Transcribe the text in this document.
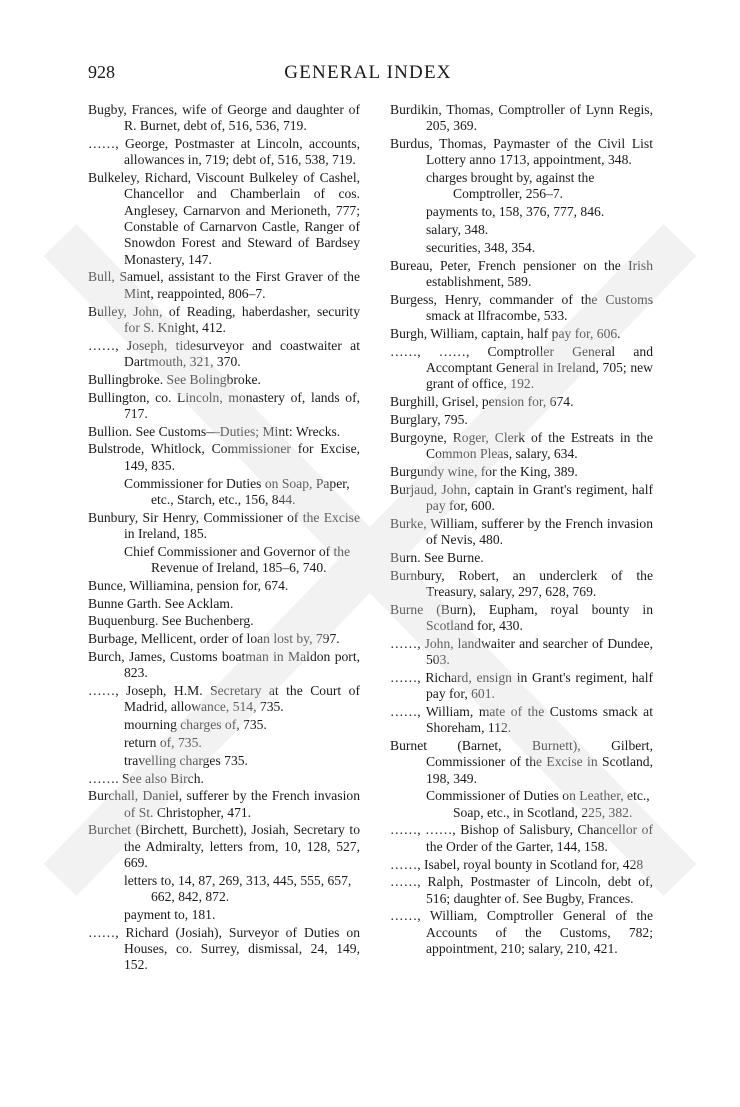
928	GENERAL INDEX

Bugby, Frances, wife of George and daughter of R. Burnet, debt of, 516, 536, 719.

……, George, Postmaster at Lincoln, accounts, allowances in, 719; debt of, 516, 538, 719.

Bulkeley, Richard, Viscount Bulkeley of Cashel, Chancellor and Chamberlain of cos. Anglesey, Carnarvon and Merioneth, 777; Constable of Carnarvon Castle, Ranger of Snowdon Forest and Steward of Bardsey Monastery, 147.

Bull, Samuel, assistant to the First Graver of the Mint, reappointed, 806–7.

Bulley, John, of Reading, haberdasher, security for S. Knight, 412.

……, Joseph, tidesurveyor and coastwaiter at Dartmouth, 321, 370.

Bullingbroke. See Bolingbroke.

Bullington, co. Lincoln, monastery of, lands of, 717.

Bullion. See Customs—Duties; Mint: Wrecks.

Bulstrode, Whitlock, Commissioner for Excise, 149, 835.

Commissioner for Duties on Soap, Paper, etc., Starch, etc., 156, 844.

Bunbury, Sir Henry, Commissioner of the Excise in Ireland, 185.

Chief Commissioner and Governor of the Revenue of Ireland, 185–6, 740.

Bunce, Williamina, pension for, 674.

Bunne Garth. See Acklam.

Buquenburg. See Buchenberg.

Burbage, Mellicent, order of loan lost by, 797.

Burch, James, Customs boatman in Maldon port, 823.

……, Joseph, H.M. Secretary at the Court of Madrid, allowance, 514, 735.

mourning charges of, 735.

return of, 735.

travelling charges 735.

……. See also Birch.

Burchall, Daniel, sufferer by the French invasion of St. Christopher, 471.

Burchet (Birchett, Burchett), Josiah, Secretary to the Admiralty, letters from, 10, 128, 527, 669.

letters to, 14, 87, 269, 313, 445, 555, 657, 662, 842, 872.

payment to, 181.

……, Richard (Josiah), Surveyor of Duties on Houses, co. Surrey, dismissal, 24, 149, 152.

Burdikin, Thomas, Comptroller of Lynn Regis, 205, 369.

Burdus, Thomas, Paymaster of the Civil List Lottery anno 1713, appointment, 348.

charges brought by, against the Comptroller, 256–7.

payments to, 158, 376, 777, 846.

salary, 348.

securities, 348, 354.

Bureau, Peter, French pensioner on the Irish establishment, 589.

Burgess, Henry, commander of the Customs smack at Ilfracombe, 533.

Burgh, William, captain, half pay for, 606.

……, ……, Comptroller General and Accomptant General in Ireland, 705; new grant of office, 192.

Burghill, Grisel, pension for, 674.

Burglary, 795.

Burgoyne, Roger, Clerk of the Estreats in the Common Pleas, salary, 634.

Burgundy wine, for the King, 389.

Burjaud, John, captain in Grant's regiment, half pay for, 600.

Burke, William, sufferer by the French invasion of Nevis, 480.

Burn. See Burne.

Burnbury, Robert, an underclerk of the Treasury, salary, 297, 628, 769.

Burne (Burn), Eupham, royal bounty in Scotland for, 430.

……, John, landwaiter and searcher of Dundee, 503.

……, Richard, ensign in Grant's regiment, half pay for, 601.

……, William, mate of the Customs smack at Shoreham, 112.

Burnet (Barnet, Burnett), Gilbert, Commissioner of the Excise in Scotland, 198, 349.

Commissioner of Duties on Leather, etc., Soap, etc., in Scotland, 225, 382.

……, ……, Bishop of Salisbury, Chancellor of the Order of the Garter, 144, 158.

……, Isabel, royal bounty in Scotland for, 428

……, Ralph, Postmaster of Lincoln, debt of, 516; daughter of. See Bugby, Frances.

……, William, Comptroller General of the Accounts of the Customs, 782; appointment, 210; salary, 210, 421.
